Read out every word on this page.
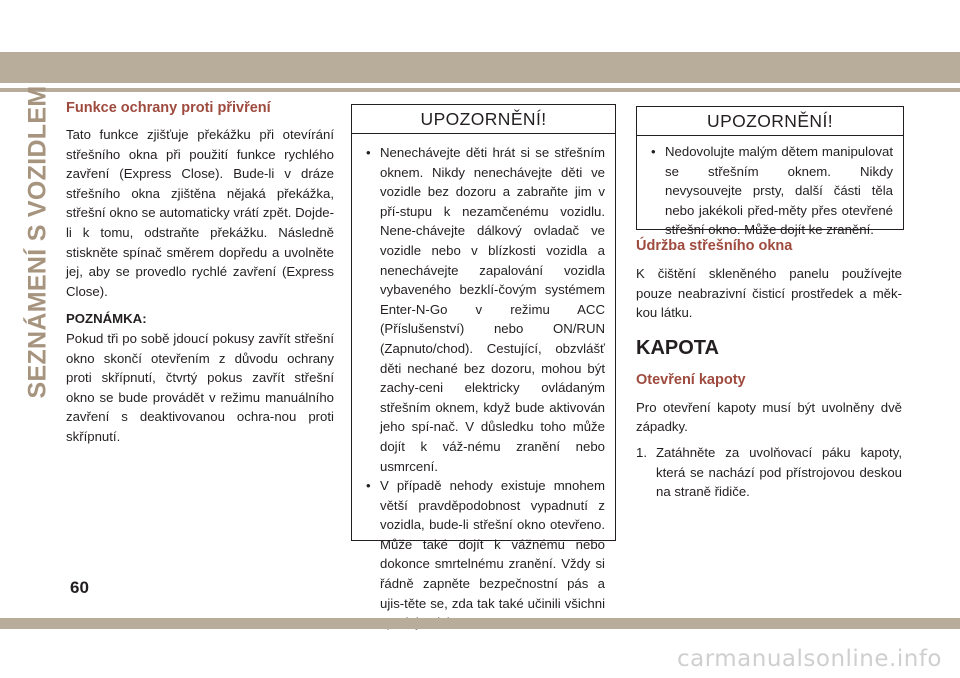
SEZNÁMENÍ S VOZIDLEM Funkce ochrany proti přivření

Tato funkce zjišťuje překážku při otevírání střešního okna při použití funkce rychlého zavření (Express Close). Bude-li v dráze střešního okna zjištěna nějaká překážka, střešní okno se automaticky vrátí zpět. Dojde-li k tomu, odstraňte překážku. Následně stiskněte spínač směrem dopředu a uvolněte jej, aby se provedlo rychlé zavření (Express Close).

POZNÁMKA:

Pokud tři po sobě jdoucí pokusy zavřít střešní okno skončí otevřením z důvodu ochrany proti skřípnutí, čtvrtý pokus zavřít střešní okno se bude provádět v režimu manuálního zavření s deaktivovanou ochra-nou proti skřípnutí.

UPOZORNĚNÍ!
• Nenechávejte děti hrát si se střešním oknem. Nikdy nenechávejte děti ve vozidle bez dozoru a zabraňte jim v pří-stupu k nezamčenému vozidlu. Nene-chávejte dálkový ovladač ve vozidle nebo v blízkosti vozidla a nenechávejte zapalování vozidla vybaveného bezklí-čovým systémem Enter-N-Go v režimu ACC (Příslušenství) nebo ON/RUN (Zapnuto/chod). Cestující, obzvlášť děti nechané bez dozoru, mohou být zachy-ceni elektricky ovládaným střešním oknem, když bude aktivován jeho spí-nač. V důsledku toho může dojít k váž-nému zranění nebo usmrcení.
• V případě nehody existuje mnohem větší pravděpodobnost vypadnutí z vozidla, bude-li střešní okno otevřeno. Může také dojít k vážnému nebo dokonce smrtelnému zranění. Vždy si řádně zapněte bezpečnostní pás a ujis-těte se, zda tak také učinili všichni
UPOZORNĚNÍ!
• Nedovolujte malým dětem manipulovat se střešním oknem. Nikdy nevysouvejte prsty, další části těla nebo jakékoli před-měty přes otevřené střešní okno. Může dojít ke zranění.
Údržba střešního okna

K čištění skleněného panelu používejte pouze neabrazivní čisticí prostředek a měk-kou látku.

KAPOTA
Otevření kapoty

Pro otevření kapoty musí být uvolněny dvě západky.

1. Zatáhněte za uvolňovací páku kapoty, která se nachází pod přístrojovou deskou na straně řidiče.
60
carmanualsonline.info
